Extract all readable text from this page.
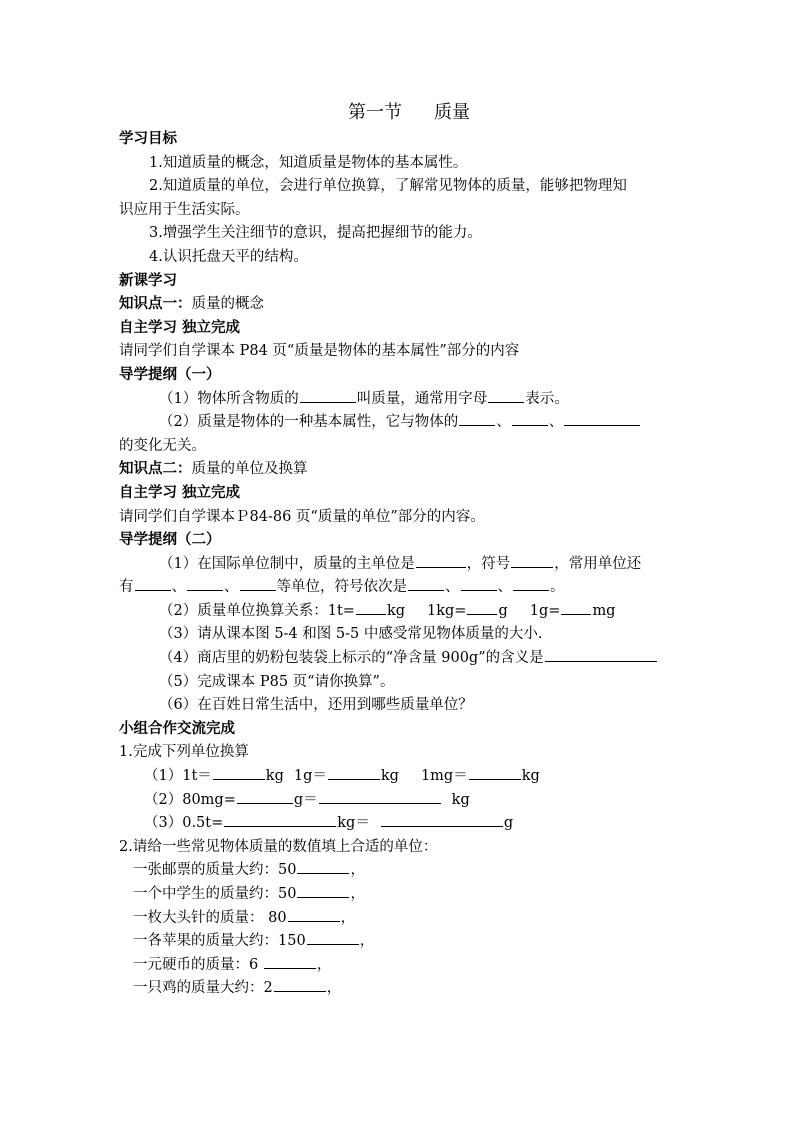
第一节 质量
学习目标
1.知道质量的概念，知道质量是物体的基本属性。
2.知道质量的单位，会进行单位换算，了解常见物体的质量，能够把物理知
识应用于生活实际。
3.增强学生关注细节的意识，提高把握细节的能力。
4.认识托盘天平的结构。
新课学习
知识点一：质量的概念
自主学习 独立完成
请同学们自学课本 P84 页“质量是物体的基本属性”部分的内容
导学提纲（一）
（1）物体所含物质的	叫质量，通常用字母	表示。
（2）质量是物体的一种基本属性，它与物体的	、	、
的变化无关。
知识点二：质量的单位及换算
自主学习 独立完成
请同学们自学课本Ｐ84-86 页“质量的单位”部分的内容。
导学提纲（二）
（1）在国际单位制中，质量的主单位是	，符号	，常用单位还
有	、	、	等单位，符号依次是	、	、	。
（2）质量单位换算关系：1t= kg 1kg= g 1g= mg
（3）请从课本图 5-4 和图 5-5 中感受常见物体质量的大小.
（4）商店里的奶粉包装袋上标示的“净含量 900g”的含义是
（5）完成课本 P85 页“请你换算”。
（6）在百姓日常生活中，还用到哪些质量单位？
小组合作交流完成
1.完成下列单位换算
（1）1t＝	kg 1g＝	kg 1mg＝	kg
（2）80mg=	g＝	kg
（3）0.5t=	kg＝	g
2.请给一些常见物体质量的数值填上合适的单位：
一张邮票的质量大约：50	，
一个中学生的质量约：50	，
一枚大头针的质量： 80	，
一各苹果的质量大约：150	，
一元硬币的质量：6	，
一只鸡的质量大约：2	，
